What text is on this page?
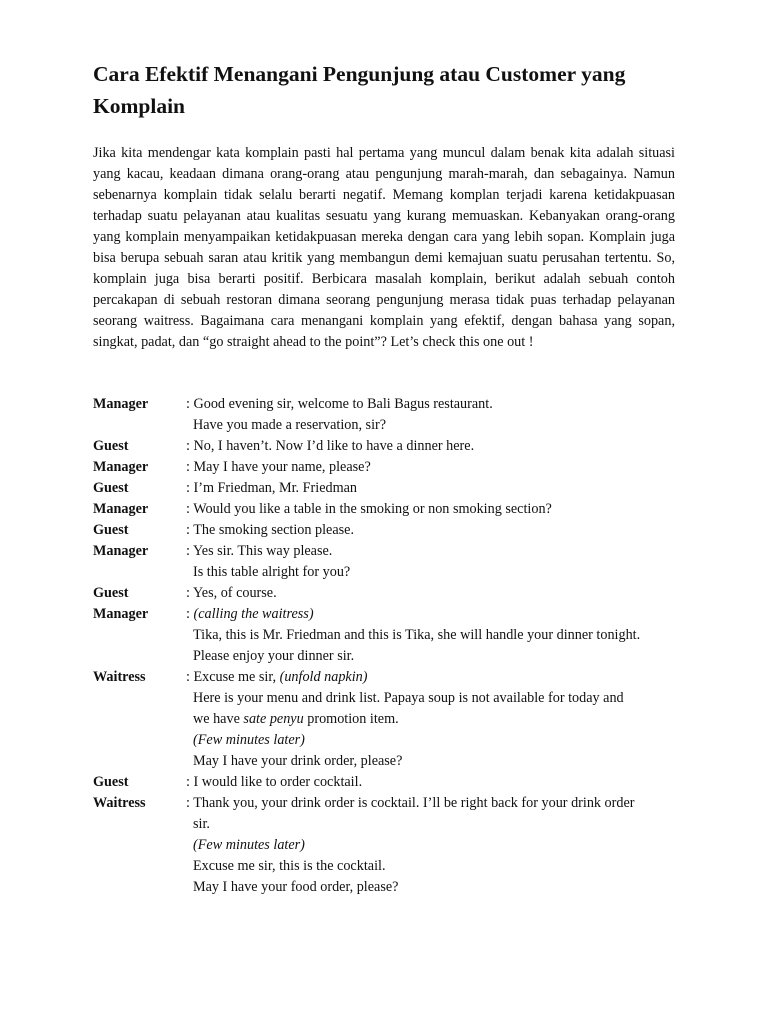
Cara Efektif Menangani Pengunjung atau Customer yang Komplain

Jika kita mendengar kata komplain pasti hal pertama yang muncul dalam benak kita adalah situasi yang kacau, keadaan dimana orang-orang atau pengunjung marah-marah, dan sebagainya. Namun sebenarnya komplain tidak selalu berarti negatif. Memang komplan terjadi karena ketidakpuasan terhadap suatu pelayanan atau kualitas sesuatu yang kurang memuaskan. Kebanyakan orang-orang yang komplain menyampaikan ketidakpuasan mereka dengan cara yang lebih sopan. Komplain juga bisa berupa sebuah saran atau kritik yang membangun demi kemajuan suatu perusahan tertentu. So, komplain juga bisa berarti positif. Berbicara masalah komplain, berikut adalah sebuah contoh percakapan di sebuah restoran dimana seorang pengunjung merasa tidak puas terhadap pelayanan seorang waitress. Bagaimana cara menangani komplain yang efektif, dengan bahasa yang sopan, singkat, padat, dan “go straight ahead to the point”? Let’s check this one out !

Manager	: Good evening sir, welcome to Bali Bagus restaurant.
Have you made a reservation, sir?
Guest	: No, I haven’t. Now I’d like to have a dinner here.
Manager	: May I have your name, please?
Guest	: I’m Friedman, Mr. Friedman
Manager	: Would you like a table in the smoking or non smoking section?
Guest	: The smoking section please.
Manager	: Yes sir. This way please.
Is this table alright for you?
Guest	: Yes, of course.
Manager	: (calling the waitress)
Tika, this is Mr. Friedman and this is Tika, she will handle your dinner tonight.
Please enjoy your dinner sir.
Waitress	: Excuse me sir, (unfold napkin)
Here is your menu and drink list. Papaya soup is not available for today and
we have sate penyu promotion item.
(Few minutes later)
May I have your drink order, please?
Guest	: I would like to order cocktail.
Waitress	: Thank you, your drink order is cocktail. I’ll be right back for your drink order
sir.
(Few minutes later)
Excuse me sir, this is the cocktail.
May I have your food order, please?
